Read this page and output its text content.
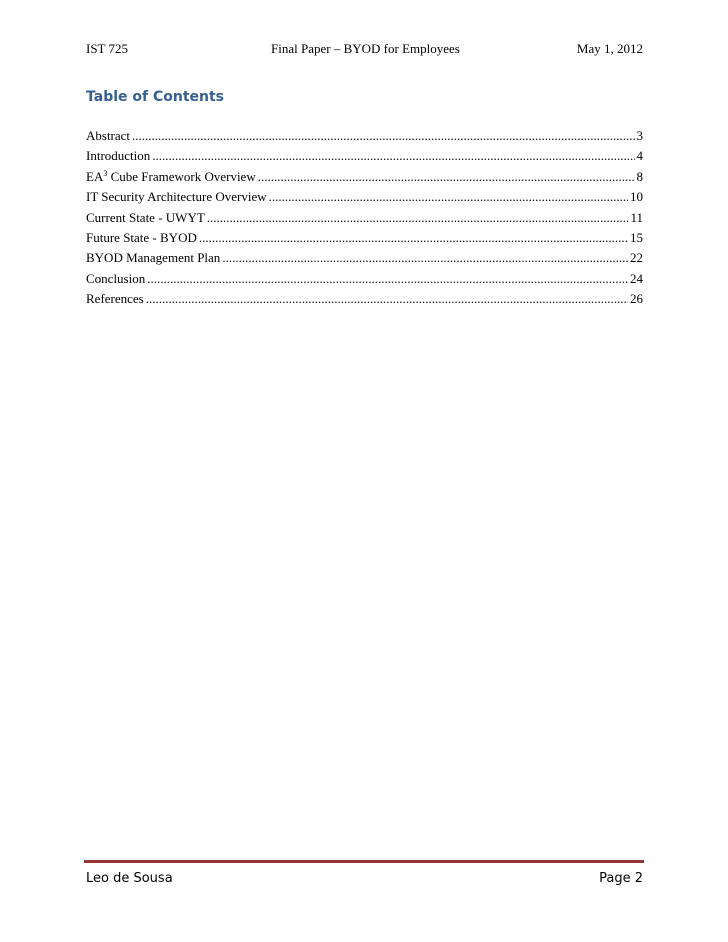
IST 725	Final Paper – BYOD for Employees	May 1, 2012
Table of Contents
Abstract .....	3
Introduction .....	4
$EA^3$ Cube Framework Overview .....	8
IT Security Architecture Overview .....	10
Current State - UWYT .....	11
Future State - BYOD .....	15
BYOD Management Plan .....	22
Conclusion .....	24
References .....	26
Leo de Sousa	Page 2
